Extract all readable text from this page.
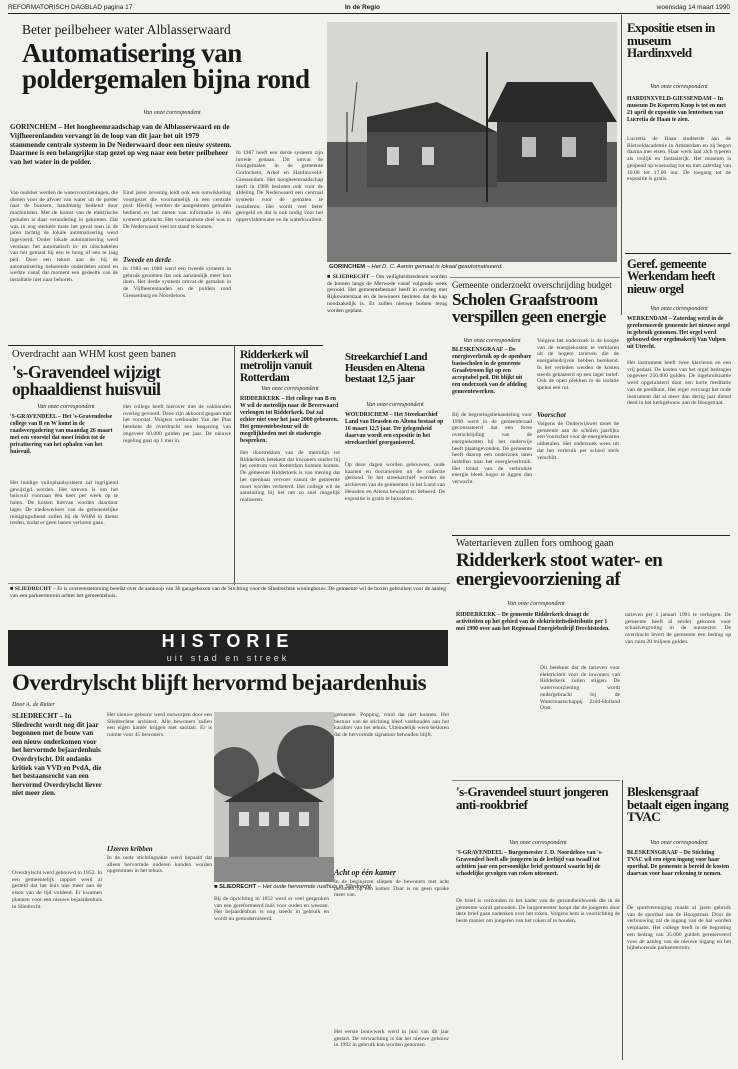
REFORMATORISCH DAGBLAD pagina 17	In de Regio	woensdag 14 maart 1990
Beter peilbeheer water Alblasserwaard
Automatisering van
poldergemalen bijna rond
Van onze correspondent
GORINCHEM – Het hoogheemraadschap van de Alblasserwaard en de Vijfheerenlanden vervangt in de loop van dit jaar het uit 1979 stammende centrale systeem in De Nederwaard door een nieuw systeem. Daarmee is een belangrijke stap gezet op weg naar een beter peilbeheer van het water in de polder.
Van oudsher werden de watervoorzieningen, die dienen voor de afvoer van water uit de polder naar de boezem, handmatig bediend door machinisten. Met de komst van de elektrische gemalen is daar verandering in gekomen. Dat was in nog sterkere mate het geval toen in de jaren tachtig de lokale automatisering werd ingevoerd. Onder lokale automatisering werd verstaan: het automatisch in- en uitschakelen van het gemaal bij een te hoog of een te laag peil. Door een tekort aan de bij de automatisering behorende onderdelen stond en werkte vanaf dat moment een gedeelte van de installatie niet naar behoren.
Eind jaren zeventig leidt ook een ontwikkeling voortgezet die voornamelijk in een centrale post. Hierbij werden de aangesloten gemalen bediend en het meten van informatie in één systeem gebracht. Het voornaamste doel was in De Nederwaard veel tot stand te komen.
Tweede en derde
In 1983 en 1986 werd een tweede systeem in gebruik genomen dat ook aanzienlijk meer kon doen. Het derde systeem omvat de gemalen in de Vijfheerenlanden en de polders rond Giessenburg en Noordeloos.
In 1987 heeft een derde systeem zijn intrede gedaan. Dit omvat de rioolgemalen in de gemeente Gorinchem, Arkel en Hardinxveld-Giessendam. Het hoogheemraadschap heeft in 1988 besloten ook voor de afdeling De Nederwaard een centraal systeem voor de gemalen te installeren. Het wordt veel beter geregeld en dat is ook nodig voor het oppervlaktewater en de waterkwaliteit.
GORINCHEM – Het D. C. Aamin gemaal is lokaal geautomatiseerd.
Expositie etsen in museum Hardinxveld
Van onze correspondent
HARDINXVELD-GIESSENDAM – In museum De Koperen Knop is tot en met 21 april de expositie van lenteetsen van Lucretia de Haan te zien.
Lucretia de Haan studeerde aan de Rietveldacademie in Amsterdam en zij begon daarna met etsen. Haar werk laat zich typeren als vrolijk en fantasierijk. Het museum is geopend op woensdag tot en met zaterdag van 10.00 tot 17.00 uur. De toegang tot de expositie is gratis.
Geref. gemeente Werkendam heeft nieuw orgel
Van onze correspondent
WERKENDAM – Zaterdag werd in de gereformeerde gemeente het nieuwe orgel in gebruik genomen. Het orgel werd gebouwd door orgelmakerij Van Vulpen uit Utrecht.
Het instrument heeft twee klavieren en een vrij pedaal. De kosten van het orgel bedragen ongeveer 250.000 gulden. De ingebruikname werd opgeluisterd door een korte meditatie van de predikant. Het orgel vervangt het oude instrument dat al meer dan dertig jaar dienst deed in het kerkgebouw aan de Hoogstraat.
■ SLIEDRECHT – Om veiligheidsredenen worden de bomen langs de Merwede vanaf volgende week gerooid. Het gemeentebestuur heeft in overleg met Rijkswaterstaat en de bewoners besloten dat de kap noodzakelijk is. Er zullen nieuwe bomen terug worden geplant.
Gemeente onderzoekt overschrijding budget
Scholen Graafstroom verspillen geen energie
Van onze correspondent
BLESKENSGRAAF – De energieverbruik op de openbare basisscholen in de gemeente Graafstroom ligt op een acceptabel peil. Dit blijkt uit een onderzoek van de afdeling gemeentewerken.
Bij de begrotingsbehandeling voor 1990 werd in de gemeenteraad geconstateerd dat een forse overschrijding van de energiekosten bij het onderwijs heeft plaatsgevonden. De gemeente heeft daarop een onderzoek laten instellen naar het energieverbruik. Het totaal van de verbruikte energie bleek hoger te liggen dan verwacht.
Volgens het onderzoek is de hoogte van de energiekosten te verklaren uit de hogere tarieven die de energiebedrijven hebben berekend. In het verleden werden de kosten steeds gebaseerd op een lager tarief. Ook de open plekken in de isolatie spelen een rol.
Voorschot
Volgens de Onderwijswet moet de gemeente aan de scholen jaarlijks een voorschot voor de energiekosten uitbetalen. Het onderzoek wees uit dat het verbruik per school sterk verschilt.
Overdracht aan WHM kost geen banen
's-Gravendeel wijzigt ophaaldienst huisvuil
Van onze correspondent
'S-GRAVENDEEL – Het 's-Gravendeelse college van B en W komt in de raadsvergadering van maandag 26 maart met een voorstel dat moet leiden tot de privatisering van het ophalen van het huisvuil.
Het huidige vuilophaalsysteem zal ingrijpend gewijzigd worden. Het streven is om het huisvuil voortaan één keer per week op te halen. De kosten hiervan worden daardoor lager. De medewerkers van de gemeentelijke reinigingsdienst zullen bij de WHM in dienst treden, zodat er geen banen verloren gaan.
Het college heeft hierover met de vakbonden overleg gevoerd. Deze zijn akkoord gegaan met het voorstel. Volgens wethouder Van der Plas betekent de overdracht een besparing van ongeveer 60.000 gulden per jaar. De nieuwe regeling gaat op 1 mei in.
Ridderkerk wil metrolijn vanuit Rotterdam
Van onze correspondent
RIDDERKERK – Het college van B en W wil de metrolijn naar de Beverwaard verlengen tot Ridderkerk. Dat zal echter niet voor het jaar 2000 gebeuren. Het gemeentebestuur wil de mogelijkheden met de stadsregio bespreken.
Het doortrekken van de metrolijn tot Ridderkerk betekent dat inwoners sneller bij het centrum van Rotterdam kunnen komen. De gemeente Ridderkerk is van mening dat het openbaar vervoer vanuit de gemeente moet worden verbeterd. Het college wil de aansluiting bij het net zo snel mogelijk realiseren.
Streekarchief Land Heusden en Altena bestaat 12,5 jaar
Van onze correspondent
WOUDRICHEM – Het Streekarchief Land van Heusden en Altena bestaat op 16 maart 12,5 jaar. Ter gelegenheid daarvan wordt een expositie in het streekarchief georganiseerd.
Op deze dagen worden gebouwen, oude kaarten en documenten uit de collectie getoond. In het streekarchief worden de archieven van de gemeenten in het Land van Heusden en Altena bewaard en beheerd. De expositie is gratis te bezoeken.
■ SLIEDRECHT – Er is overeenstemming bereikt over de aankoop van 36 garageboxen van de Stichting voor de Sliedrechtse woningbouw. De gemeente wil de boxen gebruiken voor de aanleg van een parkeerterrein achter het gemeentehuis.
Watertarieven zullen fors omhoog gaan
Ridderkerk stoot water- en energievoorziening af
Van onze correspondent
RIDDERKERK – De gemeente Ridderkerk draagt de activiteiten op het gebied van de elektriciteitsdistributie per 1 mei 1990 over aan het Regionaal Energiebedrijf Drechtsteden.
Dit betekent dat de tarieven voor elektriciteit voor de inwoners van Ridderkerk zullen stijgen. De watervoorziening wordt ondergebracht bij de Watermaatschappij Zuid-Holland Oost.
tarieven per 1 januari 1991 te verhogen. De gemeente heeft al eerder gekozen voor schaalvergroting in de nutssector. De overdracht levert de gemeente een bedrag op van ruim 20 miljoen gulden.
HISTORIE
uit stad en streek
Overdrylscht blijft hervormd bejaardenhuis
Door A. de Ruiter
SLIEDRECHT – In Sliedrecht wordt nog dit jaar begonnen met de bouw van een nieuw onderkomen voor het hervormde bejaardenhuis Overdrylscht. Dit ondanks kritiek van VVD en PvdA, die het bestaansrecht van een hervormd Overdrylscht liever niet meer zien.
Overdrylscht werd gebouwd in 1852. In een gemeentelijk rapport werd al gesteld dat het huis niet meer aan de eisen van de tijd voldeed. Er kwamen plannen voor een nieuwe bejaardenhuis in Sliedrecht.
Het nieuwe gebouw werd ontworpen door een Sliedrechtse architect. Alle bewoners zullen een eigen kamer krijgen met sanitair. Er is ruimte voor 45 bewoners.
IJzeren kribben
In de oude stichtingsakte werd bepaald dat alleen hervormde ouderen konden worden opgenomen in het tehuis.
■ SLIEDRECHT – Het oude hervormde rusthuis in Sliedrecht.
Bij de oprichting in 1852 werd er veel gesproken van een gereformeerd huis voor ouden en weezen. Het bejaardenhuis is nog steeds in gebruik en wordt nu gemoderniseerd.
gemeente. Popping, vond dat niet kunnen. Het bestuur van de stichting bleef vasthouden aan het karakter van het tehuis. Uiteindelijk werd besloten dat de hervormde signatuur behouden blijft.
Acht op één kamer
In de beginjaren sliepen de bewoners met acht personen op één kamer. Daar is nu geen sprake meer van.
Het eerste bouwwerk werd in juni van dit jaar gestart. De verwachting is dat het nieuwe gebouw in 1992 in gebruik kan worden genomen.
's-Gravendeel stuurt jongeren anti-rookbrief
Van onze correspondent
'S-GRAVENDEEL – Burgemeester J. D. Noordeloos van 's-Gravendeel heeft alle jongeren in de leeftijd van twaalf tot achttien jaar een persoonlijke brief gestuurd waarin hij de schadelijke gevolgen van roken uiteenzet.
De brief is verzonden in het kader van de gezondheidsweek die in de gemeente wordt gehouden. De burgemeester hoopt dat de jongeren door deze brief gaan nadenken over het roken. Volgens hem is voorlichting de beste manier om jongeren van het roken af te houden.
Bleskensgraaf betaalt eigen ingang TVAC
Van onze correspondent
BLESKENSGRAAF – De Stichting TVAC wil een eigen ingang voor haar sporthal. De gemeente is bereid de kosten daarvan voor haar rekening te nemen.
De sportvereniging maakt al jaren gebruik van de sporthal aan de Hoogstraat. Door de verbouwing zal de ingang van de hal worden verplaatst. Het college heeft in de begroting een bedrag van 35.000 gulden gereserveerd voor de aanleg van de nieuwe ingang en het bijbehorende parkeerterrein.
